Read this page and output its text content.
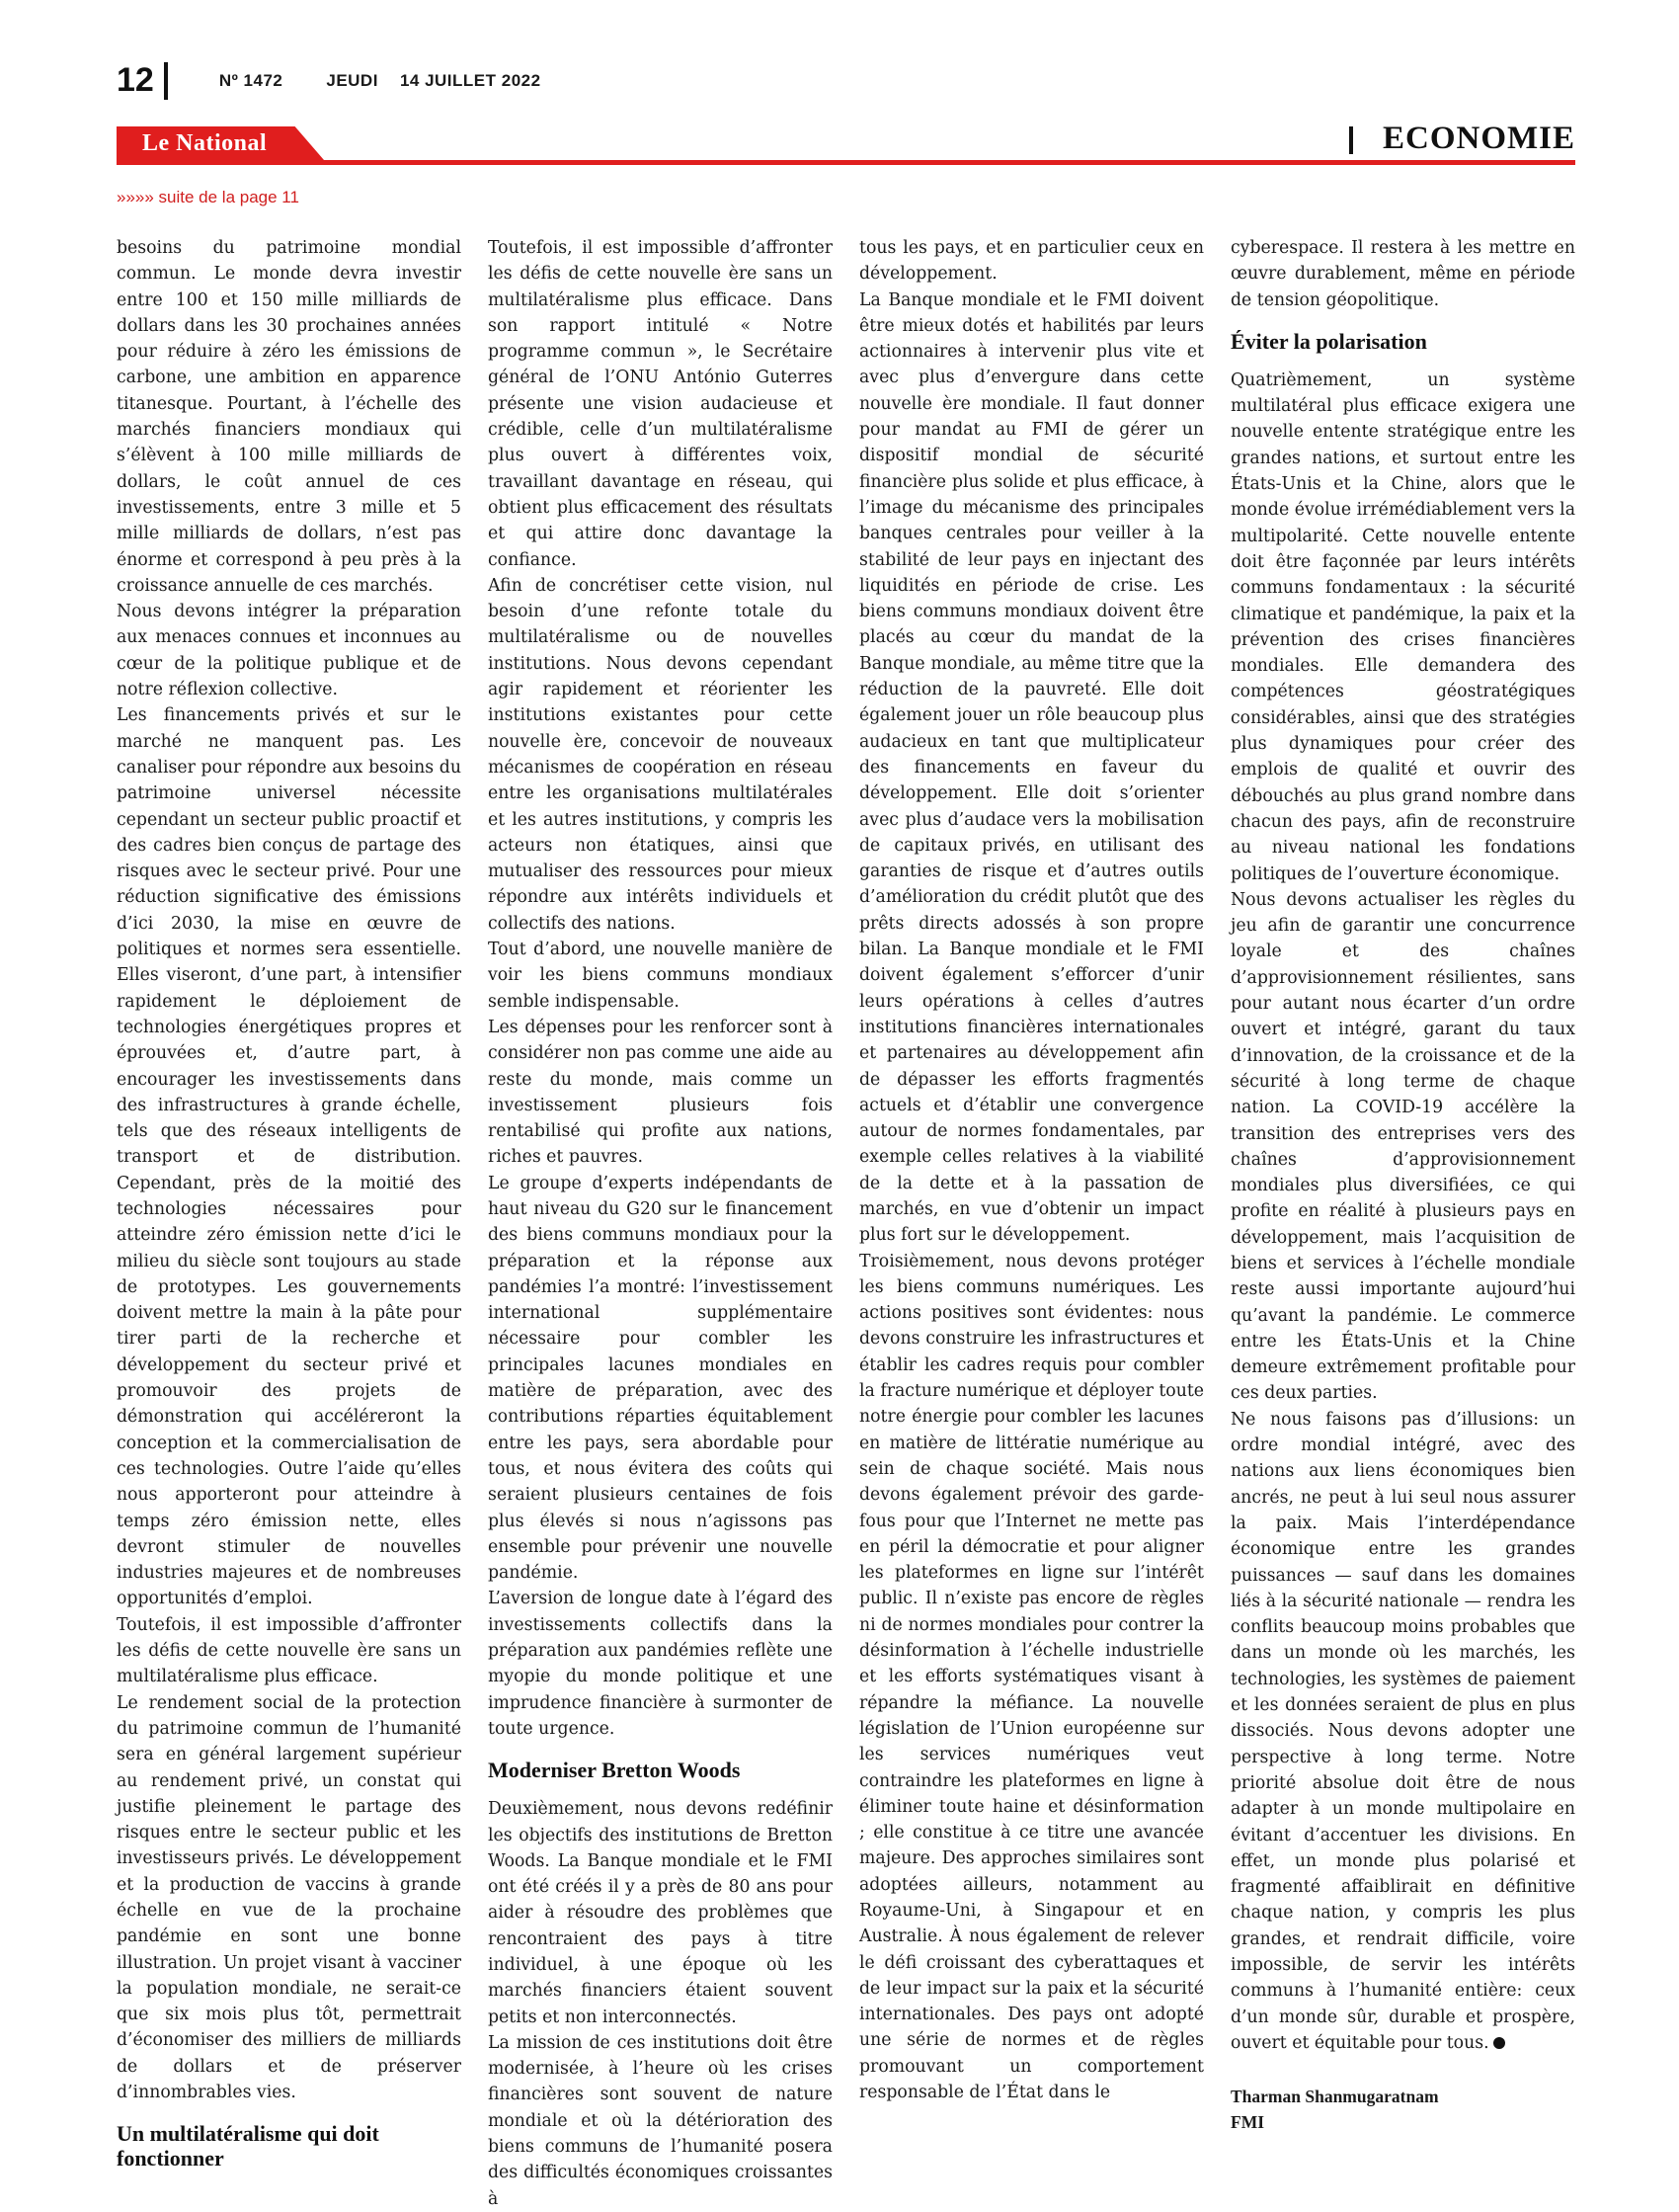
12	Nº 1472	JEUDI 14 JUILLET 2022
Le National	ECONOMIE
»»»» suite de la page 11

besoins du patrimoine mondial commun. Le monde devra investir entre 100 et 150 mille milliards de dollars dans les 30 prochaines années pour réduire à zéro les émissions de carbone, une ambition en apparence titanesque. Pourtant, à l’échelle des marchés financiers mondiaux qui s’élèvent à 100 mille milliards de dollars, le coût annuel de ces investissements, entre 3 mille et 5 mille milliards de dollars, n’est pas énorme et correspond à peu près à la croissance annuelle de ces marchés.

Nous devons intégrer la préparation aux menaces connues et inconnues au cœur de la politique publique et de notre réflexion collective.

Les financements privés et sur le marché ne manquent pas. Les canaliser pour répondre aux besoins du patrimoine universel nécessite cependant un secteur public proactif et des cadres bien conçus de partage des risques avec le secteur privé. Pour une réduction significative des émissions d’ici 2030, la mise en œuvre de politiques et normes sera essentielle. Elles viseront, d’une part, à intensifier rapidement le déploiement de technologies énergétiques propres et éprouvées et, d’autre part, à encourager les investissements dans des infrastructures à grande échelle, tels que des réseaux intelligents de transport et de distribution. Cependant, près de la moitié des technologies nécessaires pour atteindre zéro émission nette d’ici le milieu du siècle sont toujours au stade de prototypes. Les gouvernements doivent mettre la main à la pâte pour tirer parti de la recherche et développement du secteur privé et promouvoir des projets de démonstration qui accéléreront la conception et la commercialisation de ces technologies. Outre l’aide qu’elles nous apporteront pour atteindre à temps zéro émission nette, elles devront stimuler de nouvelles industries majeures et de nombreuses opportunités d’emploi.

Toutefois, il est impossible d’affronter les défis de cette nouvelle ère sans un multilatéralisme plus efficace.

Le rendement social de la protection du patrimoine commun de l’humanité sera en général largement supérieur au rendement privé, un constat qui justifie pleinement le partage des risques entre le secteur public et les investisseurs privés. Le développement et la production de vaccins à grande échelle en vue de la prochaine pandémie en sont une bonne illustration. Un projet visant à vacciner la population mondiale, ne serait-ce que six mois plus tôt, permettrait d’économiser des milliers de milliards de dollars et de préserver d’innombrables vies.

Un multilatéralisme qui doit fonctionner

Toutefois, il est impossible d’affronter les défis de cette nouvelle ère sans un multilatéralisme plus efficace. Dans son rapport intitulé « Notre programme commun », le Secrétaire général de l’ONU António Guterres présente une vision audacieuse et crédible, celle d’un multilatéralisme plus ouvert à différentes voix, travaillant davantage en réseau, qui obtient plus efficacement des résultats et qui attire donc davantage la confiance.

Afin de concrétiser cette vision, nul besoin d’une refonte totale du multilatéralisme ou de nouvelles institutions. Nous devons cependant agir rapidement et réorienter les institutions existantes pour cette nouvelle ère, concevoir de nouveaux mécanismes de coopération en réseau entre les organisations multilatérales et les autres institutions, y compris les acteurs non étatiques, ainsi que mutualiser des ressources pour mieux répondre aux intérêts individuels et collectifs des nations.

Tout d’abord, une nouvelle manière de voir les biens communs mondiaux semble indispensable.

Les dépenses pour les renforcer sont à considérer non pas comme une aide au reste du monde, mais comme un investissement plusieurs fois rentabilisé qui profite aux nations, riches et pauvres.

Le groupe d’experts indépendants de haut niveau du G20 sur le financement des biens communs mondiaux pour la préparation et la réponse aux pandémies l’a montré: l’investissement international supplémentaire nécessaire pour combler les principales lacunes mondiales en matière de préparation, avec des contributions réparties équitablement entre les pays, sera abordable pour tous, et nous évitera des coûts qui seraient plusieurs centaines de fois plus élevés si nous n’agissons pas ensemble pour prévenir une nouvelle pandémie.

L’aversion de longue date à l’égard des investissements collectifs dans la préparation aux pandémies reflète une myopie du monde politique et une imprudence financière à surmonter de toute urgence.

Moderniser Bretton Woods

Deuxièmement, nous devons redéfinir les objectifs des institutions de Bretton Woods. La Banque mondiale et le FMI ont été créés il y a près de 80 ans pour aider à résoudre des problèmes que rencontraient des pays à titre individuel, à une époque où les marchés financiers étaient souvent petits et non interconnectés.

La mission de ces institutions doit être modernisée, à l’heure où les crises financières sont souvent de nature mondiale et où la détérioration des biens communs de l’humanité posera des difficultés économiques croissantes à

tous les pays, et en particulier ceux en développement.

La Banque mondiale et le FMI doivent être mieux dotés et habilités par leurs actionnaires à intervenir plus vite et avec plus d’envergure dans cette nouvelle ère mondiale. Il faut donner pour mandat au FMI de gérer un dispositif mondial de sécurité financière plus solide et plus efficace, à l’image du mécanisme des principales banques centrales pour veiller à la stabilité de leur pays en injectant des liquidités en période de crise. Les biens communs mondiaux doivent être placés au cœur du mandat de la Banque mondiale, au même titre que la réduction de la pauvreté. Elle doit également jouer un rôle beaucoup plus audacieux en tant que multiplicateur des financements en faveur du développement. Elle doit s’orienter avec plus d’audace vers la mobilisation de capitaux privés, en utilisant des garanties de risque et d’autres outils d’amélioration du crédit plutôt que des prêts directs adossés à son propre bilan. La Banque mondiale et le FMI doivent également s’efforcer d’unir leurs opérations à celles d’autres institutions financières internationales et partenaires au développement afin de dépasser les efforts fragmentés actuels et d’établir une convergence autour de normes fondamentales, par exemple celles relatives à la viabilité de la dette et à la passation de marchés, en vue d’obtenir un impact plus fort sur le développement.

Troisièmement, nous devons protéger les biens communs numériques. Les actions positives sont évidentes: nous devons construire les infrastructures et établir les cadres requis pour combler la fracture numérique et déployer toute notre énergie pour combler les lacunes en matière de littératie numérique au sein de chaque société. Mais nous devons également prévoir des garde-fous pour que l’Internet ne mette pas en péril la démocratie et pour aligner les plateformes en ligne sur l’intérêt public. Il n’existe pas encore de règles ni de normes mondiales pour contrer la désinformation à l’échelle industrielle et les efforts systématiques visant à répandre la méfiance. La nouvelle législation de l’Union européenne sur les services numériques veut contraindre les plateformes en ligne à éliminer toute haine et désinformation ; elle constitue à ce titre une avancée majeure. Des approches similaires sont adoptées ailleurs, notamment au Royaume-Uni, à Singapour et en Australie. À nous également de relever le défi croissant des cyberattaques et de leur impact sur la paix et la sécurité internationales. Des pays ont adopté une série de normes et de règles promouvant un comportement responsable de l’État dans le

cyberespace. Il restera à les mettre en œuvre durablement, même en période de tension géopolitique.

Éviter la polarisation

Quatrièmement, un système multilatéral plus efficace exigera une nouvelle entente stratégique entre les grandes nations, et surtout entre les États-Unis et la Chine, alors que le monde évolue irrémédiablement vers la multipolarité. Cette nouvelle entente doit être façonnée par leurs intérêts communs fondamentaux : la sécurité climatique et pandémique, la paix et la prévention des crises financières mondiales. Elle demandera des compétences géostratégiques considérables, ainsi que des stratégies plus dynamiques pour créer des emplois de qualité et ouvrir des débouchés au plus grand nombre dans chacun des pays, afin de reconstruire au niveau national les fondations politiques de l’ouverture économique.

Nous devons actualiser les règles du jeu afin de garantir une concurrence loyale et des chaînes d’approvisionnement résilientes, sans pour autant nous écarter d’un ordre ouvert et intégré, garant du taux d’innovation, de la croissance et de la sécurité à long terme de chaque nation. La COVID-19 accélère la transition des entreprises vers des chaînes d’approvisionnement mondiales plus diversifiées, ce qui profite en réalité à plusieurs pays en développement, mais l’acquisition de biens et services à l’échelle mondiale reste aussi importante aujourd’hui qu’avant la pandémie. Le commerce entre les États-Unis et la Chine demeure extrêmement profitable pour ces deux parties.

Ne nous faisons pas d’illusions: un ordre mondial intégré, avec des nations aux liens économiques bien ancrés, ne peut à lui seul nous assurer la paix. Mais l’interdépendance économique entre les grandes puissances — sauf dans les domaines liés à la sécurité nationale — rendra les conflits beaucoup moins probables que dans un monde où les marchés, les technologies, les systèmes de paiement et les données seraient de plus en plus dissociés. Nous devons adopter une perspective à long terme. Notre priorité absolue doit être de nous adapter à un monde multipolaire en évitant d’accentuer les divisions. En effet, un monde plus polarisé et fragmenté affaiblirait en définitive chaque nation, y compris les plus grandes, et rendrait difficile, voire impossible, de servir les intérêts communs à l’humanité entière: ceux d’un monde sûr, durable et prospère, ouvert et équitable pour tous.

Tharman Shanmugaratnam
FMI
